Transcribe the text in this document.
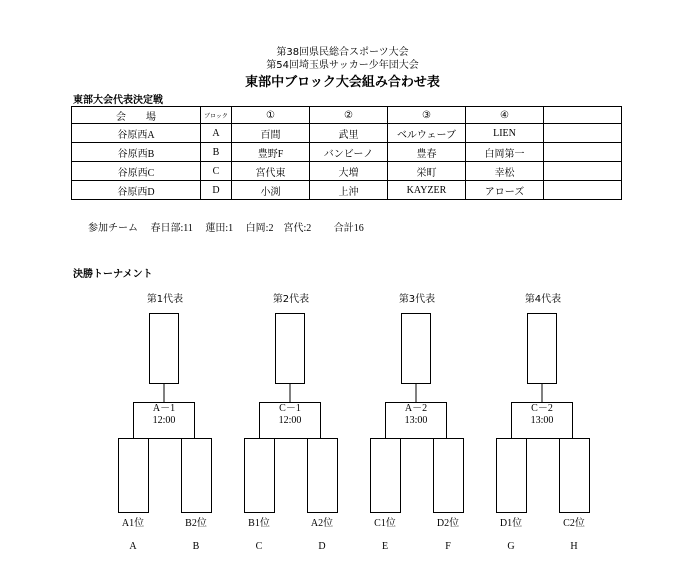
第38回県民総合スポーツ大会
第54回埼玉県サッカー少年団大会
東部中ブロック大会組み合わせ表
東部大会代表決定戦
会　　場	ブロック	①	②	③	④	
谷原西A	A	百間	武里	ベルウェーブ	LIEN	
谷原西B	B	豊野F	バンビーノ	豊春	白岡第一	
谷原西C	C	宮代東	大増	栄町	幸松	
谷原西D	D	小渕	上沖	KAYZER	アローズ	
参加チーム　 春日部:11　 蓮田:1　 白岡:2　宮代:2　　 合計16
決勝トーナメント
第1代表	第2代表	第3代表	第4代表
A－1
12:00
A1位	B2位
A	B
C－1
12:00
B1位	A2位
C	D
A－2
13:00
C1位	D2位
E	F
C－2
13:00
D1位	C2位
G	H
